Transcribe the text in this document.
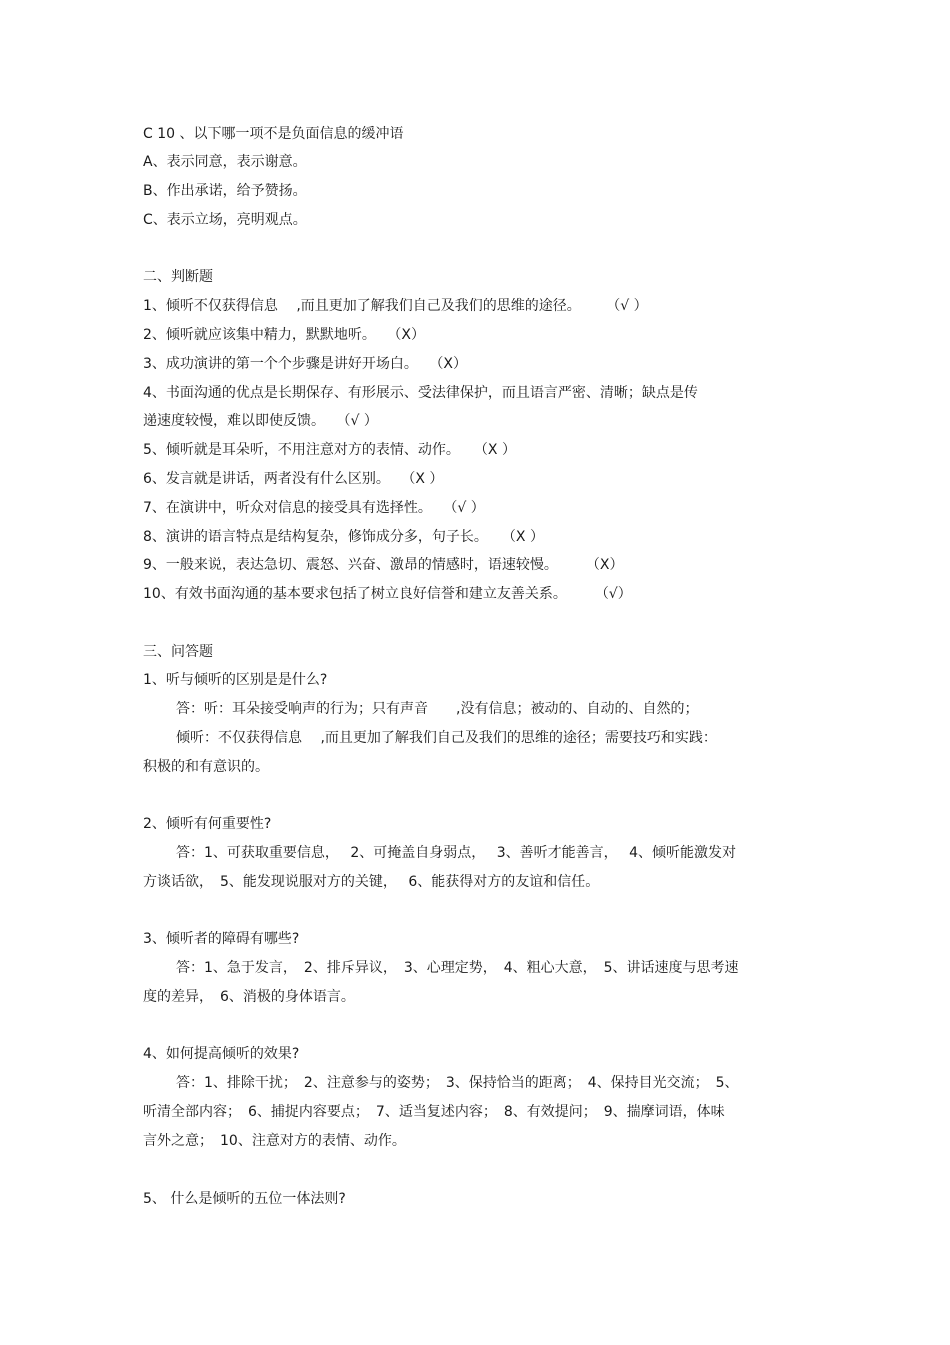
C 10 、以下哪一项不是负面信息的缓冲语
A、表示同意，表示谢意。
B、作出承诺，给予赞扬。
C、表示立场，亮明观点。
二、判断题
1、倾听不仅获得信息　 ,而且更加了解我们自己及我们的思维的途径。　　 （√ ）
2、倾听就应该集中精力，默默地听。　 （X）
3、成功演讲的第一个个步骤是讲好开场白。　 （X）
4、书面沟通的优点是长期保存、有形展示、受法律保护，而且语言严密、清晰；缺点是传
递速度较慢，难以即使反馈。　 （√ ）
5、倾听就是耳朵听，不用注意对方的表情、动作。　　（X ）
6、发言就是讲话，两者没有什么区别。　 （X ）
7、在演讲中，听众对信息的接受具有选择性。　 （√ ）
8、演讲的语言特点是结构复杂，修饰成分多，句子长。　　（X ）
9、一般来说，表达急切、震怒、兴奋、激昂的情感时，语速较慢。　　　（X）
10、有效书面沟通的基本要求包括了树立良好信誉和建立友善关系。　　　（√）
三、问答题
1、听与倾听的区别是是什么?
答：听：耳朵接受响声的行为；只有声音　　,没有信息；被动的、自动的、自然的；
倾听：不仅获得信息　 ,而且更加了解我们自己及我们的思维的途径；需要技巧和实践：
积极的和有意识的。
2、倾听有何重要性?
答：1、可获取重要信息，　 2、可掩盖自身弱点，　 3、善听才能善言，　 4、倾听能激发对
方谈话欲，　5、能发现说服对方的关键，　 6、能获得对方的友谊和信任。
3、倾听者的障碍有哪些?
答：1、急于发言，　2、排斥异议，　3、心理定势，　4、粗心大意，　5、讲话速度与思考速
度的差异，　6、消极的身体语言。
4、如何提高倾听的效果?
答：1、排除干扰；　2、注意参与的姿势；　3、保持恰当的距离；　4、保持目光交流；　5、
听清全部内容；　6、捕捉内容要点；　7、适当复述内容；　8、有效提问；　9、揣摩词语，体味
言外之意；　10、注意对方的表情、动作。
5、 什么是倾听的五位一体法则?
